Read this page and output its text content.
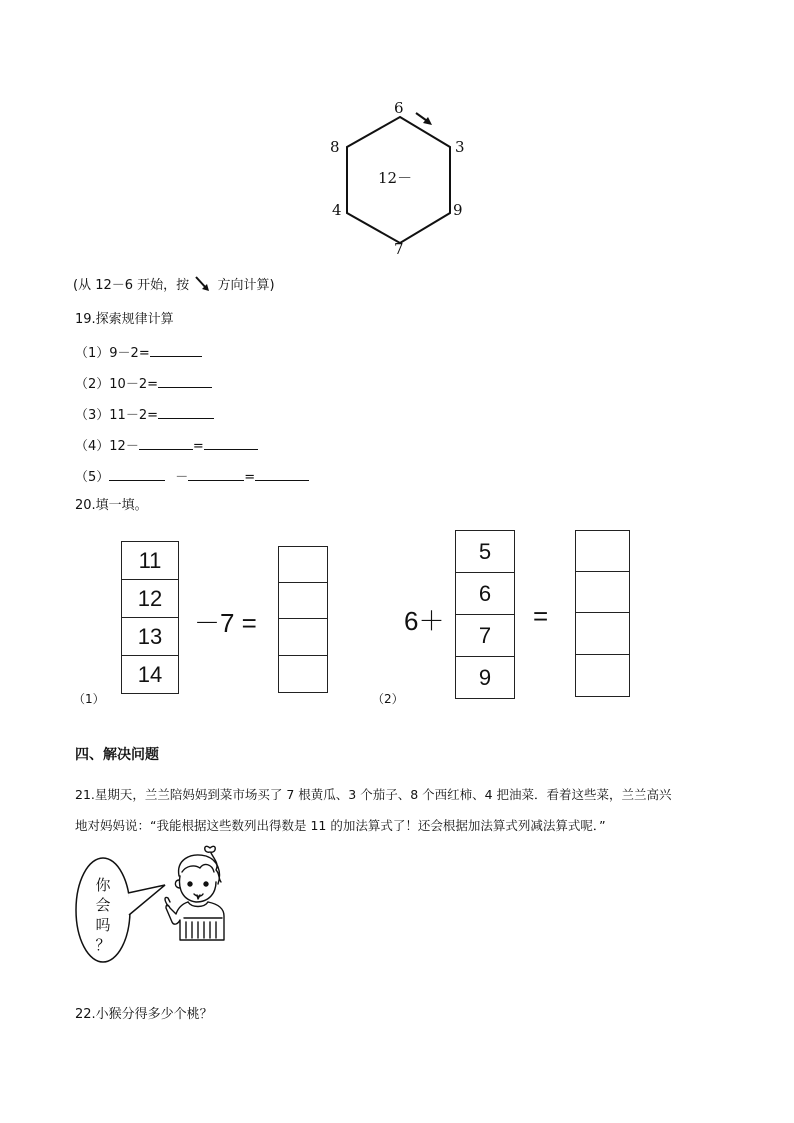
6
3
9
7
4
8
12－
(从 12－6 开始，按 方向计算)
19.探索规律计算
（1）9－2=
（2）10－2=
（3）11－2=
（4）12－	=
（5）	－	=
20.填一填。
11
12
13
14
－7 =
（1）
6＋
5
6
7
9
=
（2）
四、解决问题
21.星期天，兰兰陪妈妈到菜市场买了 7 根黄瓜、3 个茄子、8 个西红柿、4 把油菜．看着这些菜，兰兰高兴
地对妈妈说：“我能根据这些数列出得数是 11 的加法算式了！还会根据加法算式列减法算式呢．”
你
会
吗
？
22.小猴分得多少个桃？
